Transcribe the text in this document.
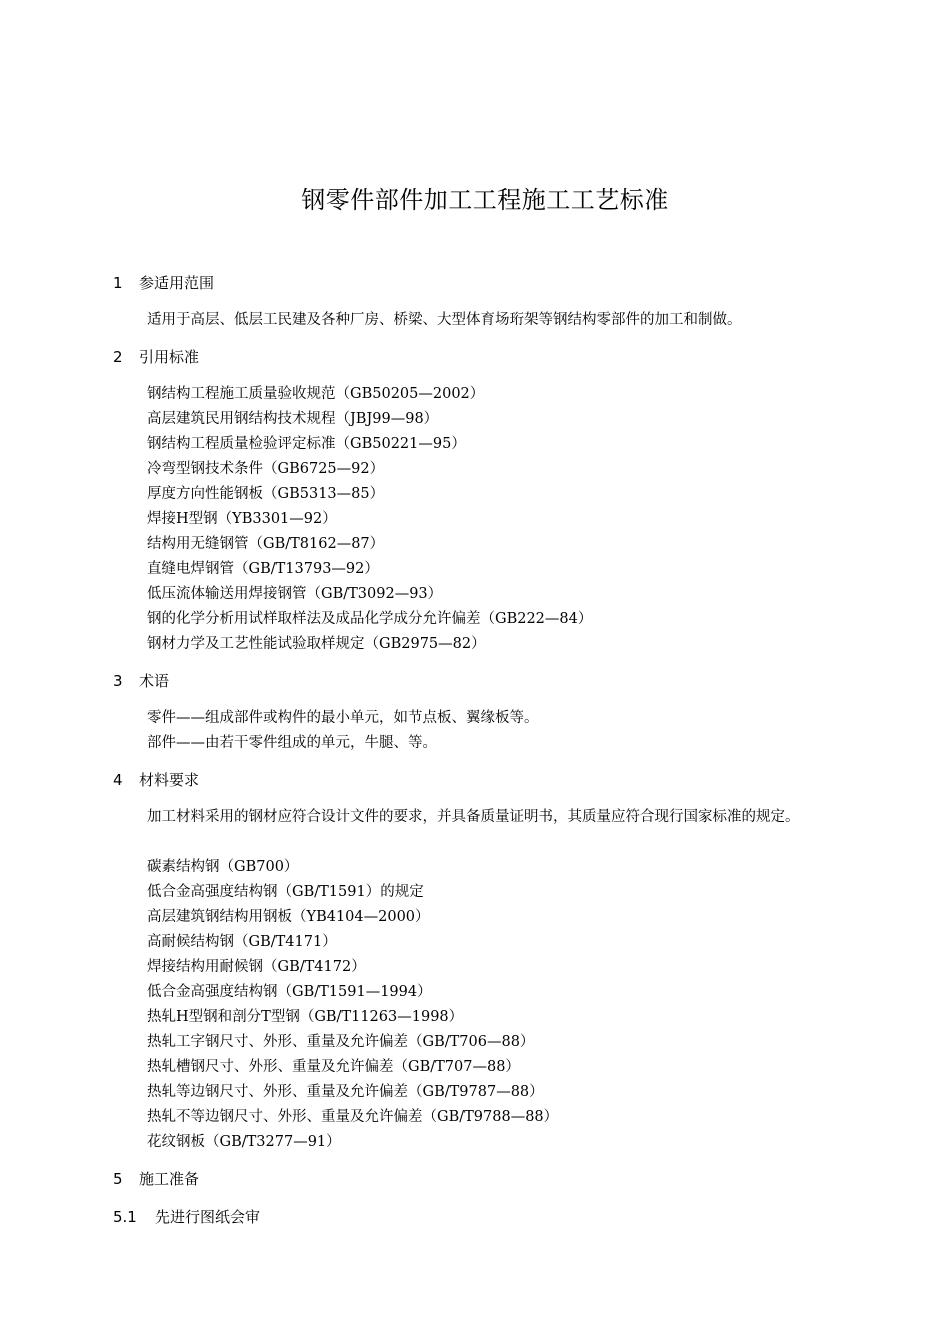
钢零件部件加工工程施工工艺标准
1 参适用范围
适用于高层、低层工民建及各种厂房、桥梁、大型体育场珩架等钢结构零部件的加工和制做。
2 引用标准
钢结构工程施工质量验收规范（GB50205—2002）
高层建筑民用钢结构技术规程（JBJ99—98）
钢结构工程质量检验评定标准（GB50221—95）
冷弯型钢技术条件（GB6725—92）
厚度方向性能钢板（GB5313—85）
焊接H型钢（YB3301—92）
结构用无缝钢管（GB/T8162—87）
直缝电焊钢管（GB/T13793—92）
低压流体输送用焊接钢管（GB/T3092—93）
钢的化学分析用试样取样法及成品化学成分允许偏差（GB222—84）
钢材力学及工艺性能试验取样规定（GB2975—82）
3 术语
零件——组成部件或构件的最小单元，如节点板、翼缘板等。
部件——由若干零件组成的单元，牛腿、等。
4 材料要求
加工材料采用的钢材应符合设计文件的要求，并具备质量证明书，其质量应符合现行国家标准的规定。
碳素结构钢（GB700）
低合金高强度结构钢（GB/T1591）的规定
高层建筑钢结构用钢板（YB4104—2000）
高耐候结构钢（GB/T4171）
焊接结构用耐候钢（GB/T4172）
低合金高强度结构钢（GB/T1591—1994）
热轧H型钢和剖分T型钢（GB/T11263—1998）
热轧工字钢尺寸、外形、重量及允许偏差（GB/T706—88）
热轧槽钢尺寸、外形、重量及允许偏差（GB/T707—88）
热轧等边钢尺寸、外形、重量及允许偏差（GB/T9787—88）
热轧不等边钢尺寸、外形、重量及允许偏差（GB/T9788—88）
花纹钢板（GB/T3277—91）
5 施工准备
5.1 先进行图纸会审
